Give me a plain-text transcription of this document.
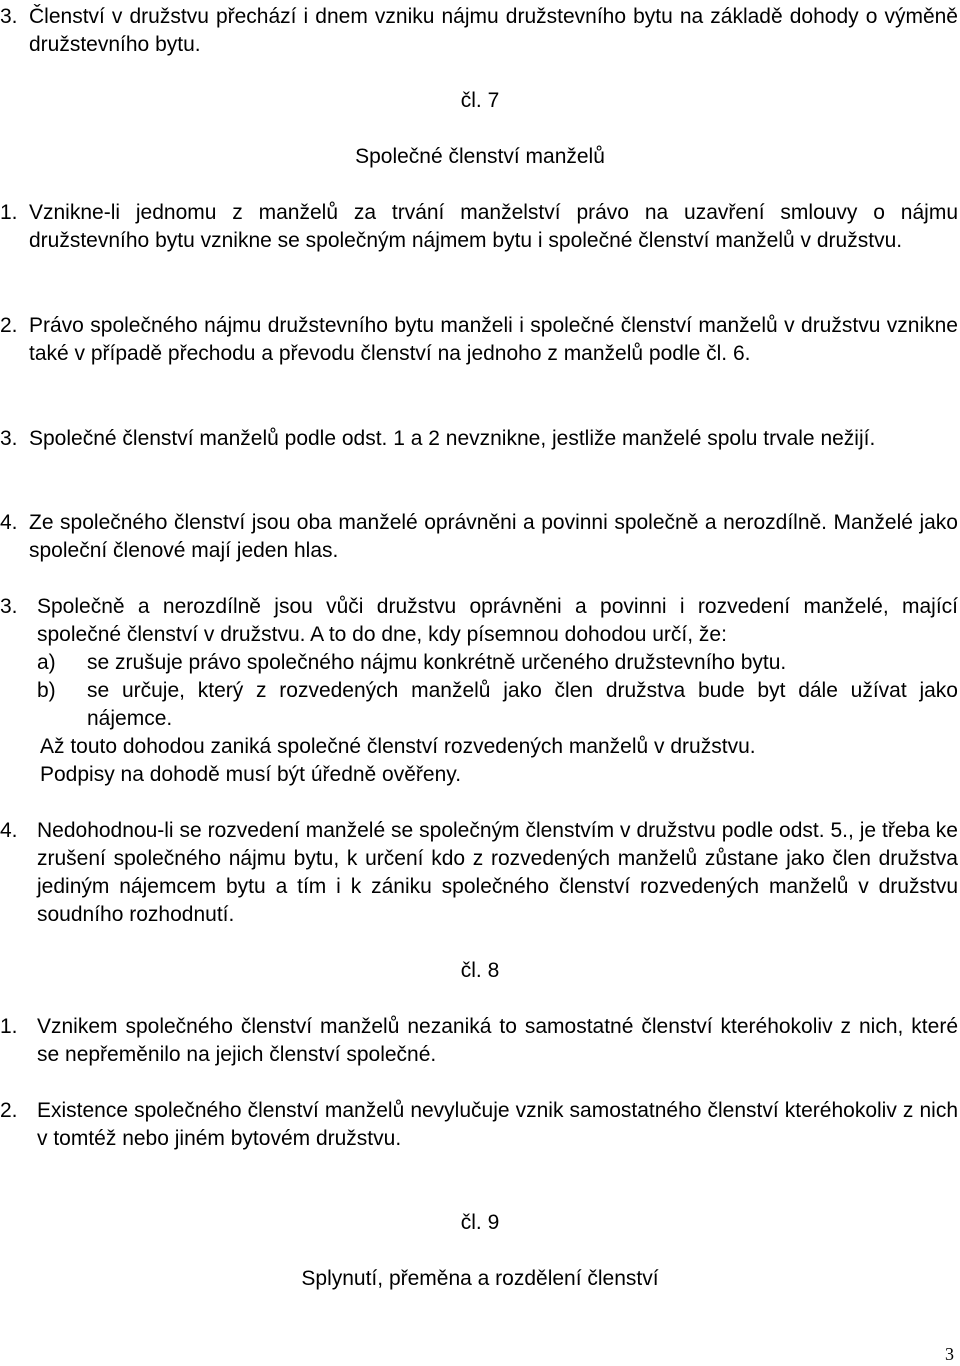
3. Členství v družstvu přechází i dnem vzniku nájmu družstevního bytu na základě dohody o výměně družstevního bytu.
čl. 7
Společné členství manželů
1. Vznikne-li jednomu z manželů za trvání manželství právo na uzavření smlouvy o nájmu družstevního bytu vznikne se společným nájmem bytu i společné členství manželů v družstvu.
2. Právo společného nájmu družstevního bytu manželi i společné členství manželů v družstvu vznikne také v případě přechodu a převodu členství na jednoho z manželů podle čl. 6.
3. Společné členství manželů podle odst. 1 a 2 nevznikne, jestliže manželé spolu trvale nežijí.
4. Ze společného členství jsou oba manželé oprávněni a povinni společně a nerozdílně. Manželé jako společní členové mají jeden hlas.
3. Společně a nerozdílně jsou vůči družstvu oprávněni a povinni i rozvedení manželé, mající společné členství v družstvu. A to do dne, kdy písemnou dohodou určí, že:
a) se zrušuje právo společného nájmu konkrétně určeného družstevního bytu.
b) se určuje, který z rozvedených manželů jako člen družstva bude byt dále užívat jako nájemce.
Až touto dohodou zaniká společné členství rozvedených manželů v družstvu.
Podpisy na dohodě musí být úředně ověřeny.
4. Nedohodnou-li se rozvedení manželé se společným členstvím v družstvu podle odst. 5., je třeba ke zrušení společného nájmu bytu, k určení kdo z rozvedených manželů zůstane jako člen družstva jediným nájemcem bytu a tím i k zániku společného členství rozvedených manželů v družstvu soudního rozhodnutí.
čl. 8
1. Vznikem společného členství manželů nezaniká to samostatné členství kteréhokoliv z nich, které se nepřeměnilo na jejich členství společné.
2. Existence společného členství manželů nevylučuje vznik samostatného členství kteréhokoliv z nich v tomtéž nebo jiném bytovém družstvu.
čl. 9
Splynutí, přeměna a rozdělení členství
3
